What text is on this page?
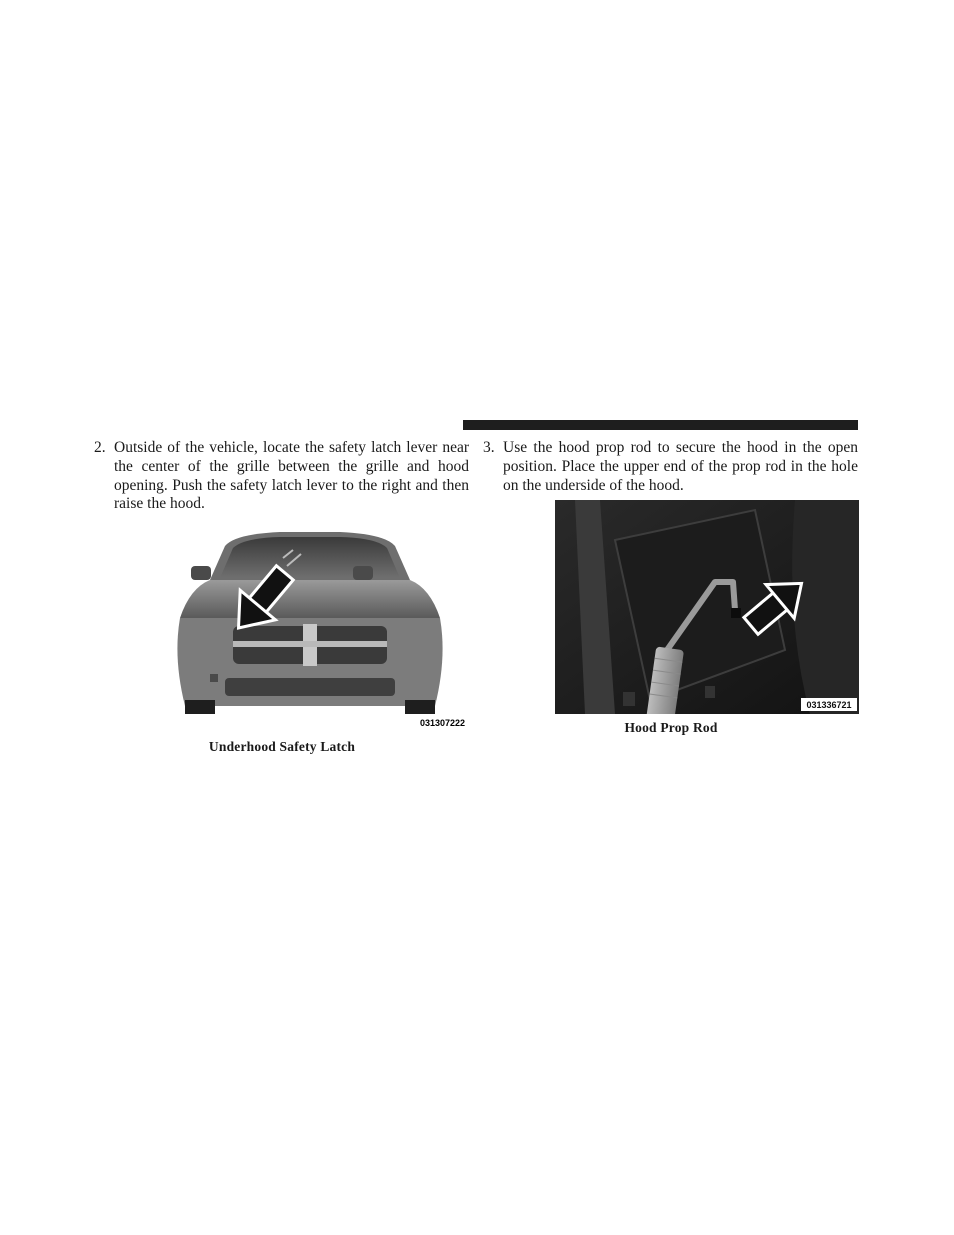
2. Outside of the vehicle, locate the safety latch lever near the center of the grille between the grille and hood opening. Push the safety latch lever to the right and then raise the hood.
3. Use the hood prop rod to secure the hood in the open position. Place the upper end of the prop rod in the hole on the underside of the hood.
031307222
Underhood Safety Latch
031336721
Hood Prop Rod
